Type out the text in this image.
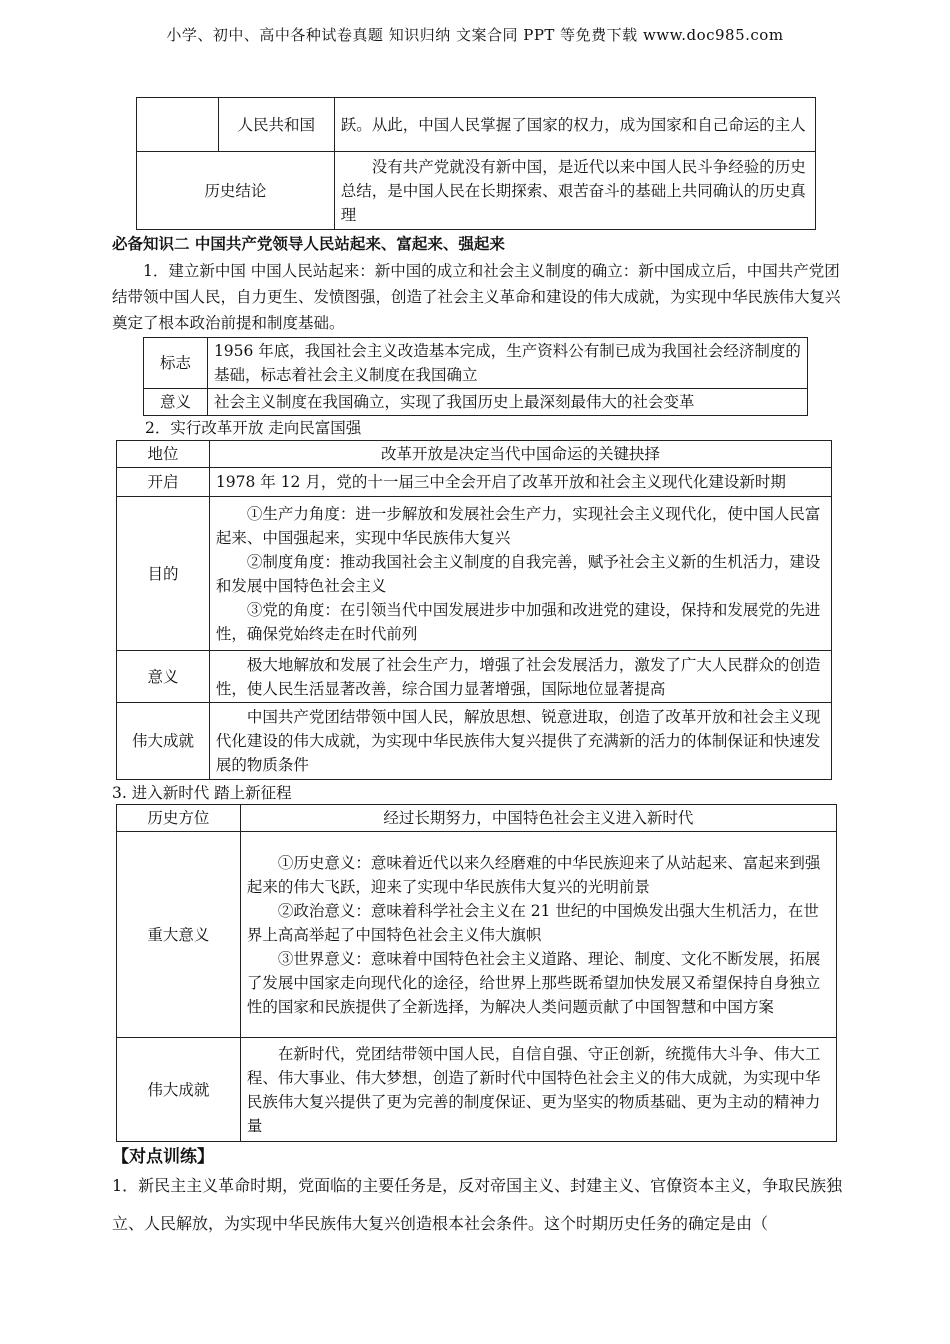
小学、初中、高中各种试卷真题 知识归纳 文案合同 PPT 等免费下载 www.doc985.com
	人民共和国	跃。从此，中国人民掌握了国家的权力，成为国家和自己命运的主人
历史结论		没有共产党就没有新中国，是近代以来中国人民斗争经验的历史总结，是中国人民在长期探索、艰苦奋斗的基础上共同确认的历史真理
必备知识二 中国共产党领导人民站起来、富起来、强起来
1．建立新中国 中国人民站起来：新中国的成立和社会主义制度的确立：新中国成立后，中国共产党团结带领中国人民，自力更生、发愤图强，创造了社会主义革命和建设的伟大成就，为实现中华民族伟大复兴奠定了根本政治前提和制度基础。
标志	1956 年底，我国社会主义改造基本完成，生产资料公有制已成为我国社会经济制度的基础，标志着社会主义制度在我国确立
意义	社会主义制度在我国确立，实现了我国历史上最深刻最伟大的社会变革
2．实行改革开放 走向民富国强
地位	改革开放是决定当代中国命运的关键抉择
开启	1978 年 12 月，党的十一届三中全会开启了改革开放和社会主义现代化建设新时期
目的	①生产力角度：进一步解放和发展社会生产力，实现社会主义现代化，使中国人民富起来、中国强起来，实现中华民族伟大复兴

②制度角度：推动我国社会主义制度的自我完善，赋予社会主义新的生机活力，建设和发展中国特色社会主义

③党的角度：在引领当代中国发展进步中加强和改进党的建设，保持和发展党的先进性，确保党始终走在时代前列

意义	极大地解放和发展了社会生产力，增强了社会发展活力，激发了广大人民群众的创造性，使人民生活显著改善，综合国力显著增强，国际地位显著提高
伟大成就	中国共产党团结带领中国人民，解放思想、锐意进取，创造了改革开放和社会主义现代化建设的伟大成就，为实现中华民族伟大复兴提供了充满新的活力的体制保证和快速发展的物质条件
3. 进入新时代 踏上新征程
历史方位	经过长期努力，中国特色社会主义进入新时代
重大意义	①历史意义：意味着近代以来久经磨难的中华民族迎来了从站起来、富起来到强起来的伟大飞跃，迎来了实现中华民族伟大复兴的光明前景

②政治意义：意味着科学社会主义在 21 世纪的中国焕发出强大生机活力，在世界上高高举起了中国特色社会主义伟大旗帜

③世界意义：意味着中国特色社会主义道路、理论、制度、文化不断发展，拓展了发展中国家走向现代化的途径，给世界上那些既希望加快发展又希望保持自身独立性的国家和民族提供了全新选择，为解决人类问题贡献了中国智慧和中国方案

伟大成就	在新时代，党团结带领中国人民，自信自强、守正创新，统揽伟大斗争、伟大工程、伟大事业、伟大梦想，创造了新时代中国特色社会主义的伟大成就，为实现中华民族伟大复兴提供了更为完善的制度保证、更为坚实的物质基础、更为主动的精神力量
【对点训练】
1．新民主主义革命时期，党面临的主要任务是，反对帝国主义、封建主义、官僚资本主义，争取民族独立、人民解放，为实现中华民族伟大复兴创造根本社会条件。这个时期历史任务的确定是由（
